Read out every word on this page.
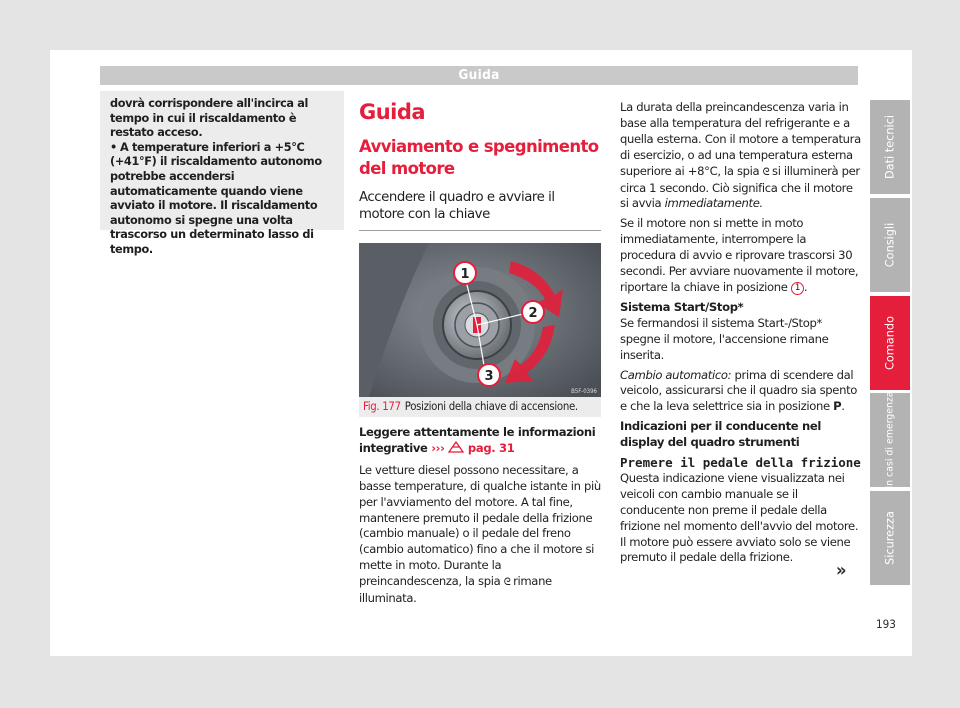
Guida
dovrà corrispondere all'incirca al tempo in cui il riscaldamento è restato acceso.
• A temperature inferiori a +5°C (+41°F) il riscaldamento autonomo potrebbe accendersi automaticamente quando viene avviato il motore. Il riscaldamento autonomo si spegne una volta trascorso un determinato lasso di tempo.
Guida
Avviamento e spegnimento del motore
Accendere il quadro e avviare il motore con la chiave
1
2
3
B5F-0396
Fig. 177 Posizioni della chiave di accensione.
Leggere attentamente le informazioni integrative ››› pag. 31
Le vetture diesel possono necessitare, a basse temperature, di qualche istante in più per l'avviamento del motore. A tal fine, mantenere premuto il pedale della frizione (cambio manuale) o il pedale del freno (cambio automatico) fino a che il motore si mette in moto. Durante la preincandescenza, la spia ᘓ rimane illuminata.

La durata della preincandescenza varia in base alla temperatura del refrigerante e a quella esterna. Con il motore a temperatura di esercizio, o ad una temperatura esterna superiore ai +8°C, la spia ᘓ si illuminerà per circa 1 secondo. Ciò significa che il motore si avvia immediatamente.

Se il motore non si mette in moto immediatamente, interrompere la procedura di avvio e riprovare trascorsi 30 secondi. Per avviare nuovamente il motore, riportare la chiave in posizione 1 .

Sistema Start/Stop*

Se fermandosi il sistema Start-/Stop* spegne il motore, l'accensione rimane inserita.

Cambio automatico: prima di scendere dal veicolo, assicurarsi che il quadro sia spento e che la leva selettrice sia in posizione P.

Indicazioni per il conducente nel display del quadro strumenti

Premere il pedale della frizione

Questa indicazione viene visualizzata nei veicoli con cambio manuale se il conducente non preme il pedale della frizione nel momento dell'avvio del motore. Il motore può essere avviato solo se viene premuto il pedale della frizione.

»
Dati tecnici
Consigli
Comando
In casi di emergenza
Sicurezza
193
